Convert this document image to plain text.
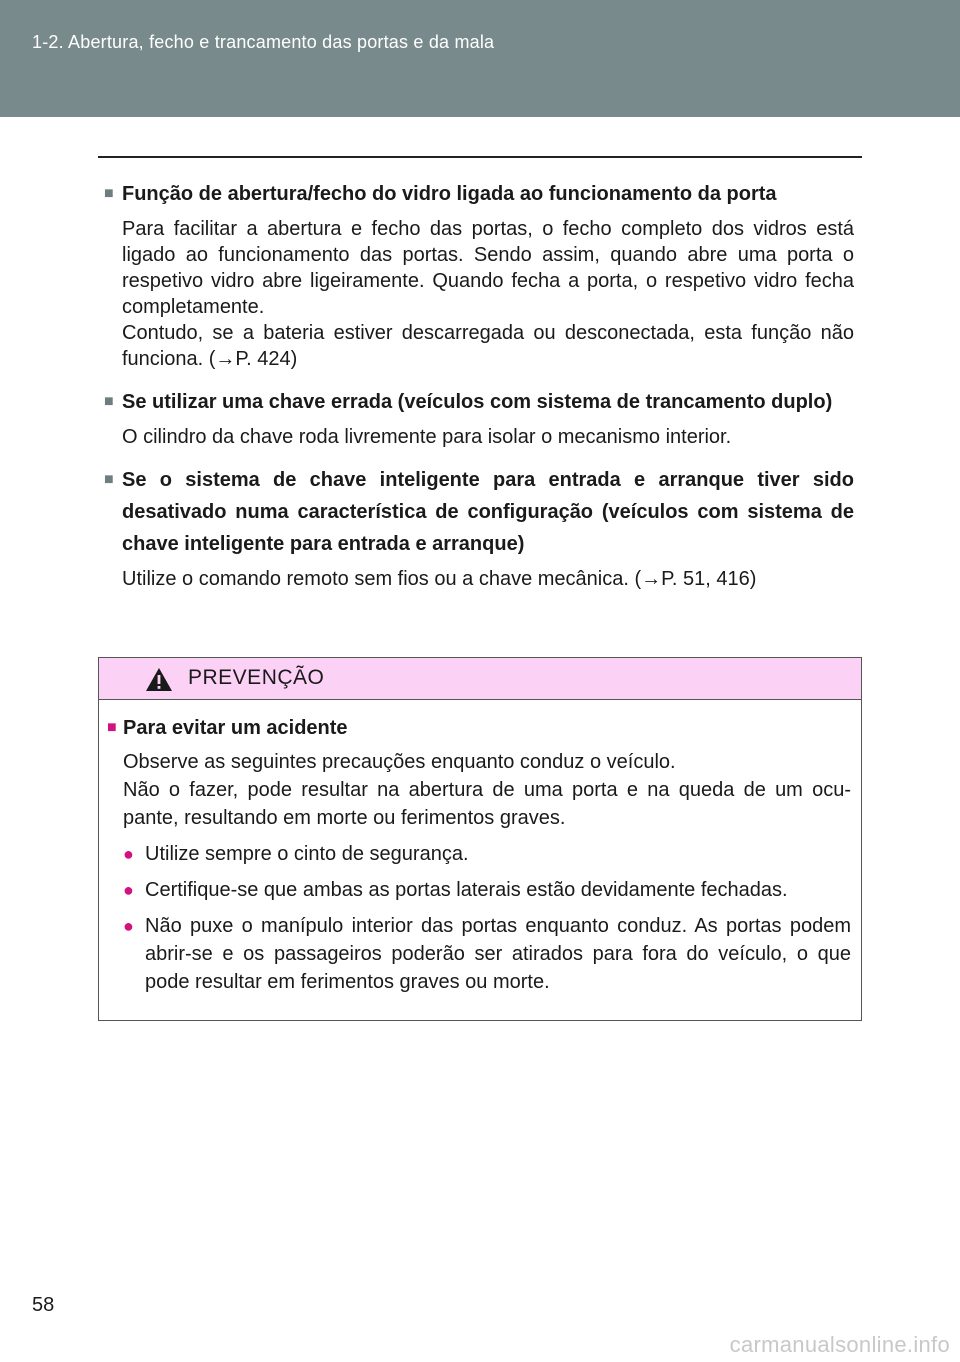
1-2. Abertura, fecho e trancamento das portas e da mala
■ Função de abertura/fecho do vidro ligada ao funcionamento da porta

Para facilitar a abertura e fecho das portas, o fecho completo dos vidros está ligado ao funcionamento das portas. Sendo assim, quando abre uma porta o respetivo vidro abre ligeiramente. Quando fecha a porta, o respetivo vidro fecha completamente.

Contudo, se a bateria estiver descarregada ou desconectada, esta função não funciona. (→P. 424)

■ Se utilizar uma chave errada (veículos com sistema de trancamento duplo)

O cilindro da chave roda livremente para isolar o mecanismo interior.

■ Se o sistema de chave inteligente para entrada e arranque tiver sido desativado numa característica de configuração (veículos com sistema de chave inteligente para entrada e arranque)

Utilize o comando remoto sem fios ou a chave mecânica. (→P. 51, 416)

PREVENÇÃO
■ Para evitar um acidente

Observe as seguintes precauções enquanto conduz o veículo.

Não o fazer, pode resultar na abertura de uma porta e na queda de um ocu-pante, resultando em morte ou ferimentos graves.

● Utilize sempre o cinto de segurança.
● Certifique-se que ambas as portas laterais estão devidamente fechadas.
● Não puxe o manípulo interior das portas enquanto conduz. As portas podem abrir-se e os passageiros poderão ser atirados para fora do veículo, o que pode resultar em ferimentos graves ou morte.
58
carmanualsonline.info
